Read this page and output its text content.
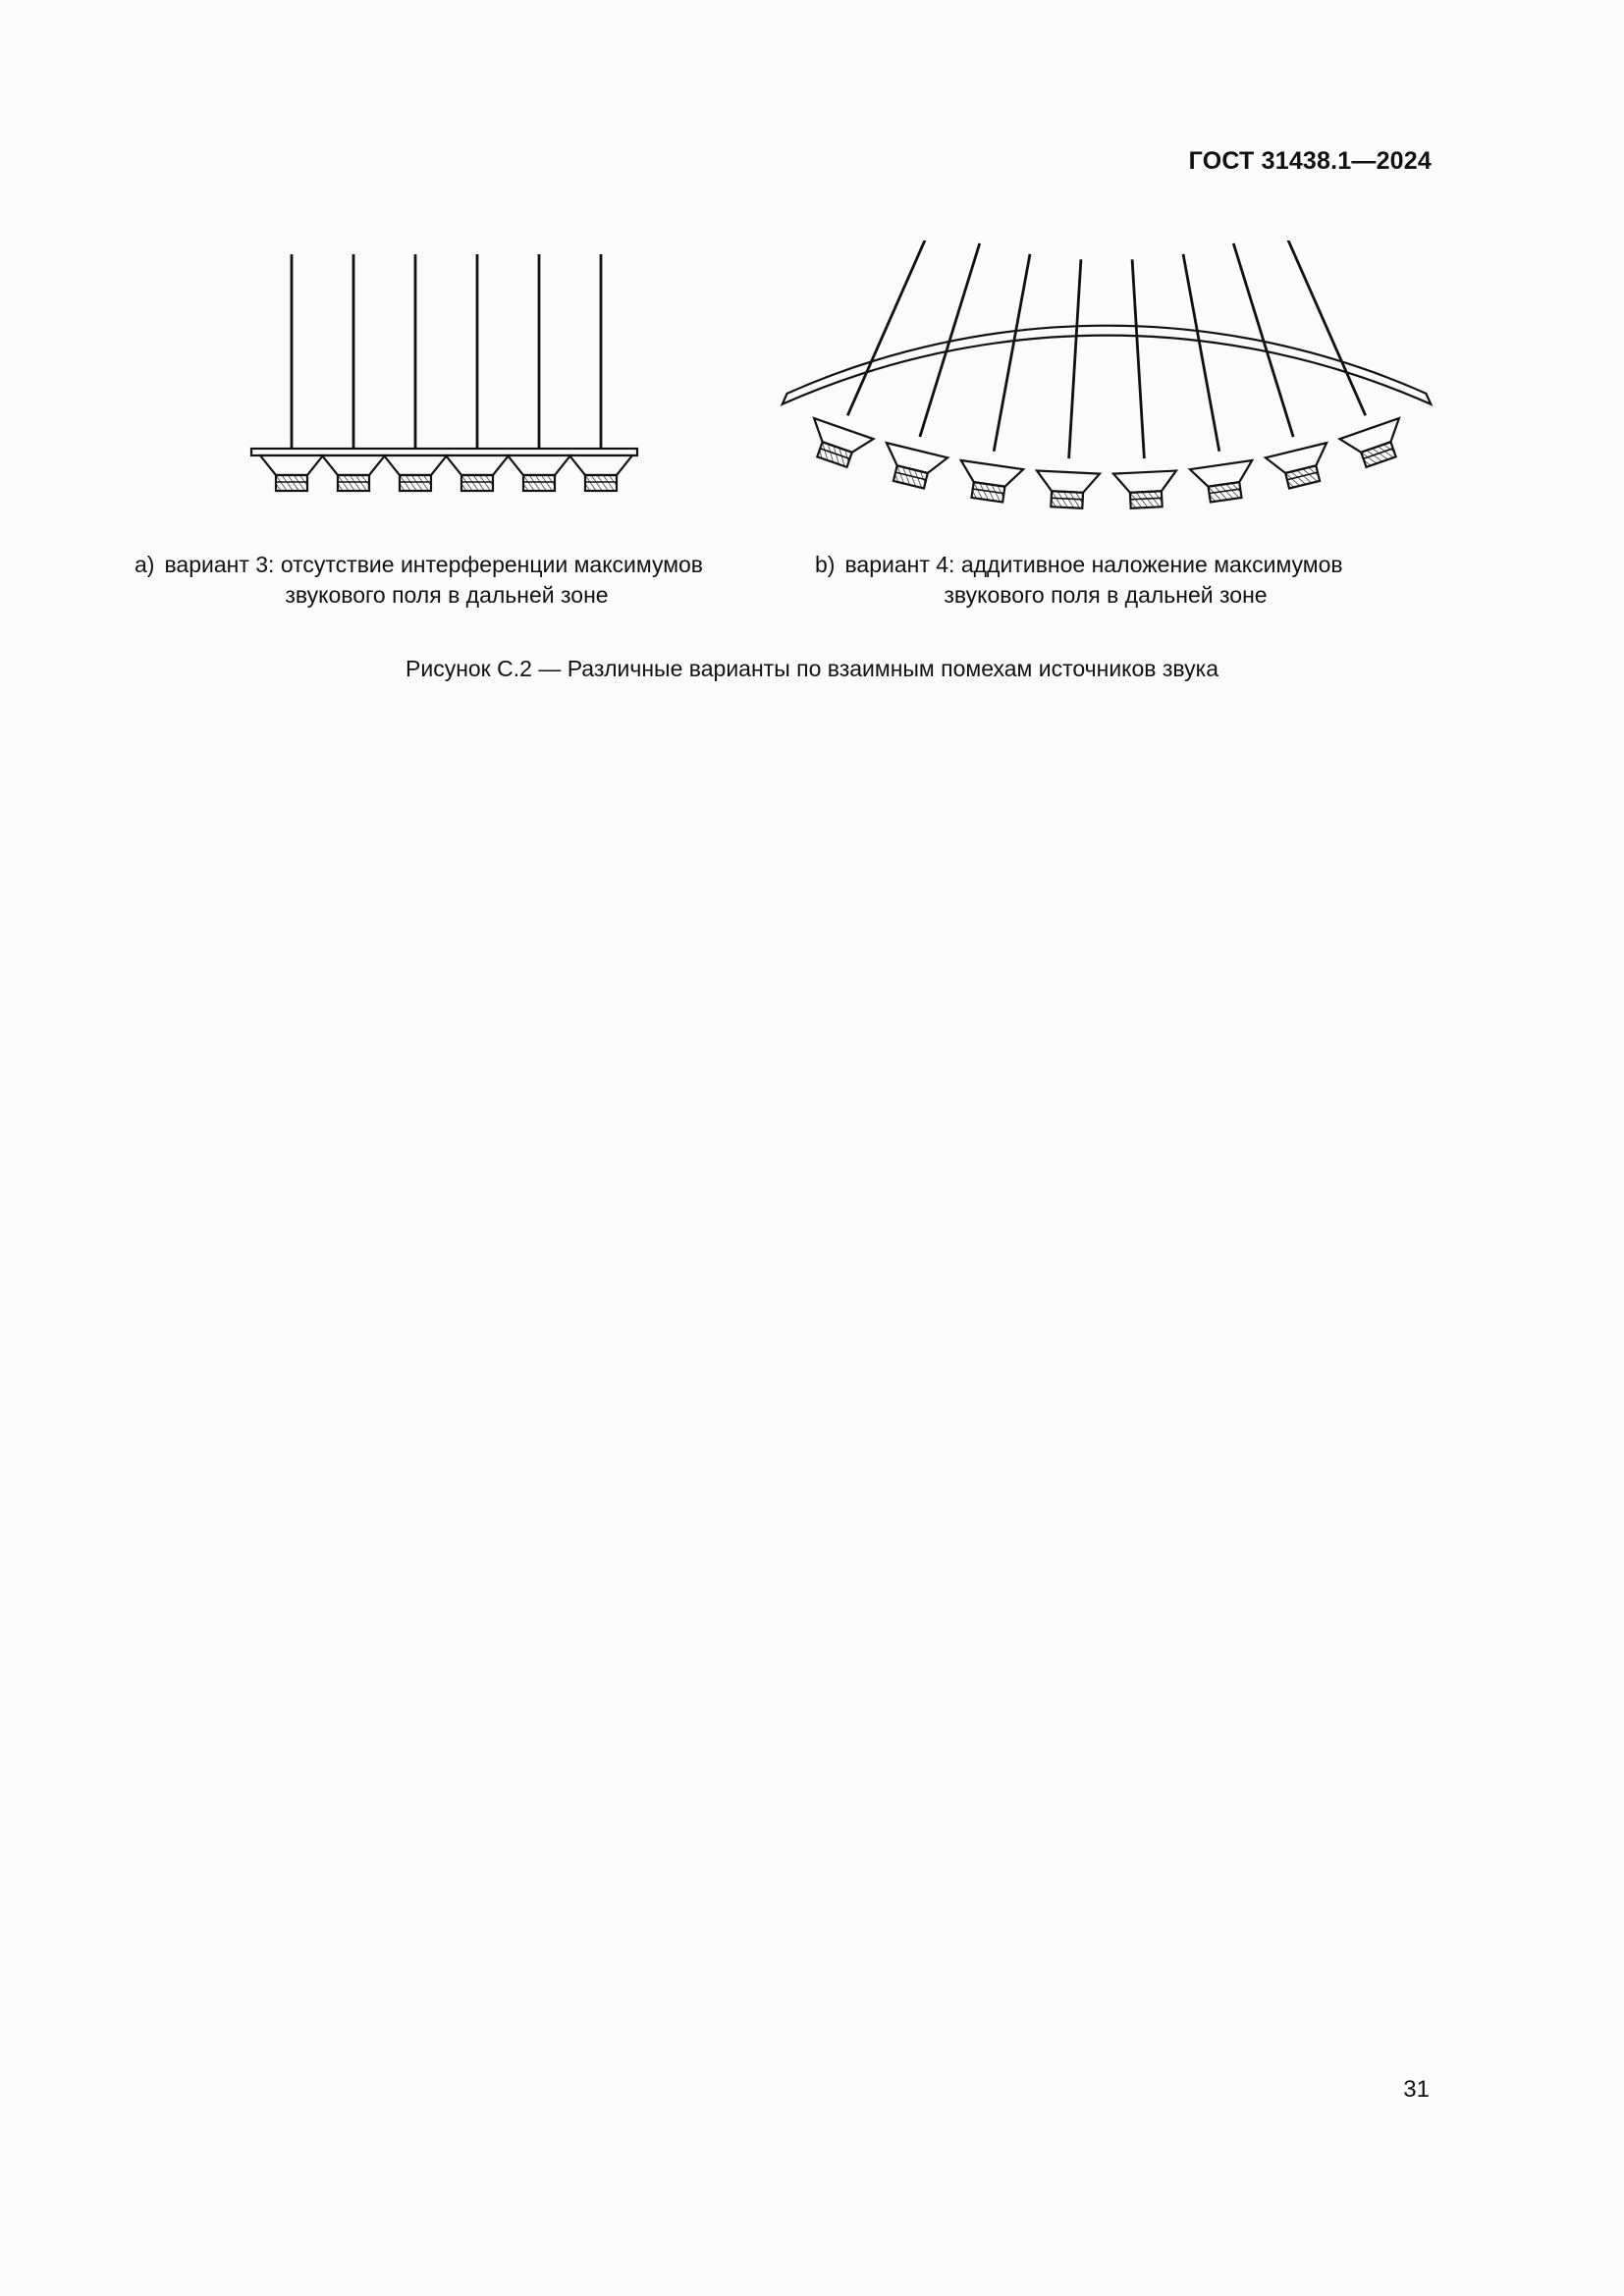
ГОСТ 31438.1—2024
a) вариант 3: отсутствие интерференции максимумов
звукового поля в дальней зоне
b) вариант 4: аддитивное наложение максимумов
звукового поля в дальней зоне
Рисунок С.2 — Различные варианты по взаимным помехам источников звука
31
